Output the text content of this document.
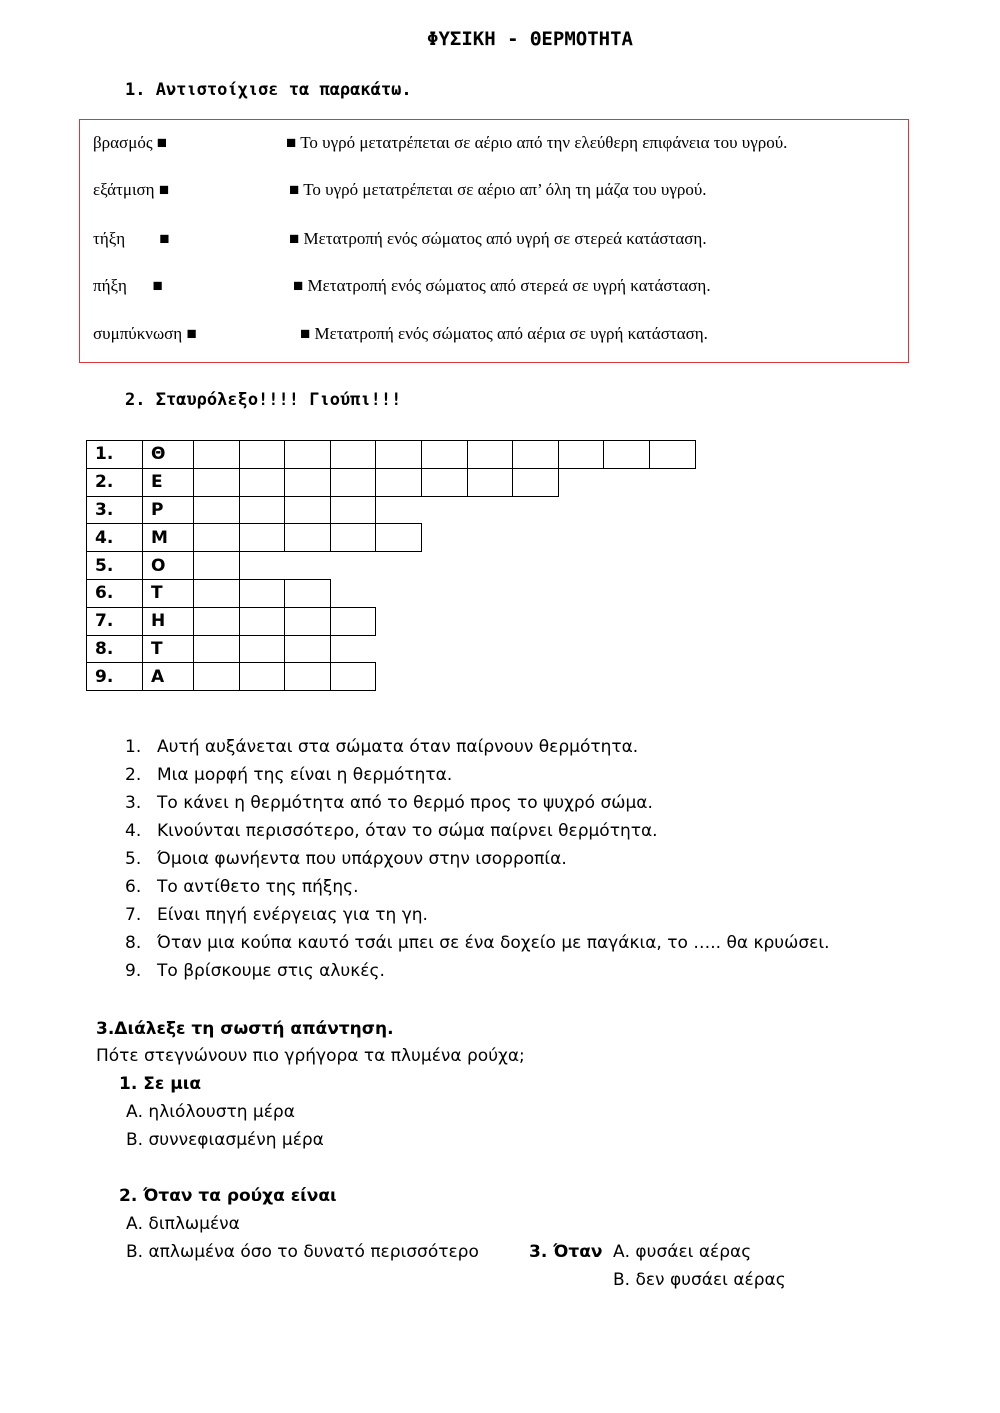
ΦΥΣΙΚΗ - ΘΕΡΜΟΤΗΤΑ
1. Αντιστοίχισε τα παρακάτω.
βρασμός ■	■ Το υγρό μετατρέπεται σε αέριο από την ελεύθερη επιφάνεια του υγρού.
εξάτμιση ■	■ Το υγρό μετατρέπεται σε αέριο απ’ όλη τη μάζα του υγρού.
τήξη        ■	■ Μετατροπή ενός σώματος από υγρή σε στερεά κατάσταση.
πήξη      ■	■ Μετατροπή ενός σώματος από στερεά σε υγρή κατάσταση.
συμπύκνωση ■	■ Μετατροπή ενός σώματος από αέρια σε υγρή κατάσταση.
2. Σταυρόλεξο!!!! Γιούπι!!!
1.	Θ											
2.	Ε											
3.	Ρ											
4.	Μ											
5.	Ο											
6.	Τ											
7.	Η											
8.	Τ											
9.	Α											
1. Αυτή αυξάνεται στα σώματα όταν παίρνουν θερμότητα.
2. Μια μορφή της είναι η θερμότητα.
3. Το κάνει η θερμότητα από το θερμό προς το ψυχρό σώμα.
4. Κινούνται περισσότερο, όταν το σώμα παίρνει θερμότητα.
5. Όμοια φωνήεντα που υπάρχουν στην ισορροπία.
6. Το αντίθετο της πήξης.
7. Είναι πηγή ενέργειας για τη γη.
8. Όταν μια κούπα καυτό τσάι μπει σε ένα δοχείο με παγάκια, το ….. θα κρυώσει.
9. Το βρίσκουμε στις αλυκές.
3.Διάλεξε τη σωστή απάντηση.
Πότε στεγνώνουν πιο γρήγορα τα πλυμένα ρούχα;
1. Σε μια
Α. ηλιόλουστη μέρα
Β. συννεφιασμένη μέρα
2. Όταν τα ρούχα είναι
Α. διπλωμένα
Β. απλωμένα όσο το δυνατό περισσότερο	3. Όταν Α. φυσάει αέρας
Β. δεν φυσάει αέρας
